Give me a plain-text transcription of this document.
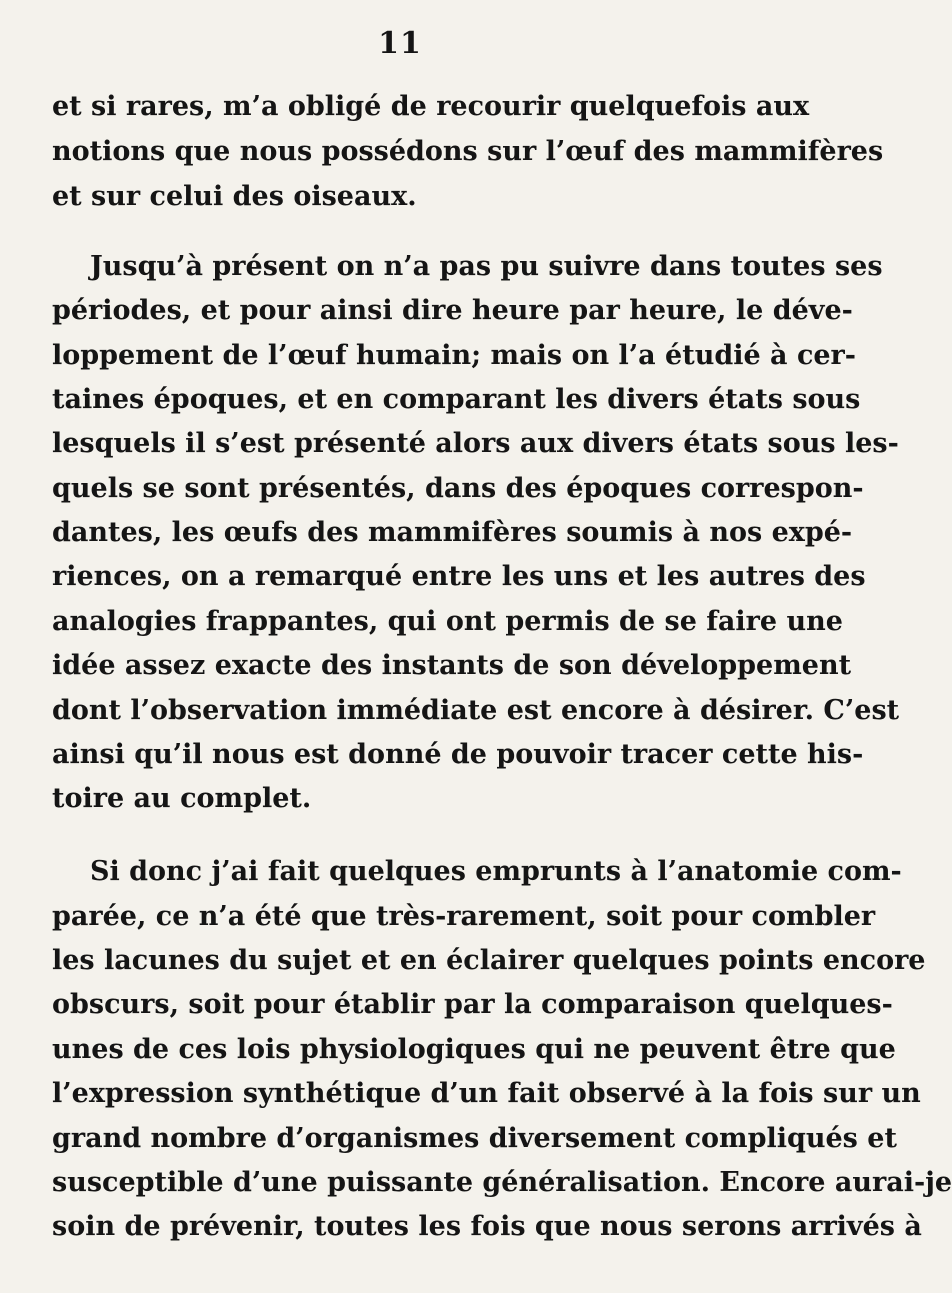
11
et si rares, m’a obligé de recourir quelquefois aux
notions que nous possédons sur l’œuf des mammifères
et sur celui des oiseaux.
Jusqu’à présent on n’a pas pu suivre dans toutes ses
périodes, et pour ainsi dire heure par heure, le déve-
loppement de l’œuf humain; mais on l’a étudié à cer-
taines époques, et en comparant les divers états sous
lesquels il s’est présenté alors aux divers états sous les-
quels se sont présentés, dans des époques correspon-
dantes, les œufs des mammifères soumis à nos expé-
riences, on a remarqué entre les uns et les autres des
analogies frappantes, qui ont permis de se faire une
idée assez exacte des instants de son développement
dont l’observation immédiate est encore à désirer. C’est
ainsi qu’il nous est donné de pouvoir tracer cette his-
toire au complet.
Si donc j’ai fait quelques emprunts à l’anatomie com-
parée, ce n’a été que très-rarement, soit pour combler
les lacunes du sujet et en éclairer quelques points encore
obscurs, soit pour établir par la comparaison quelques-
unes de ces lois physiologiques qui ne peuvent être que
l’expression synthétique d’un fait observé à la fois sur un
grand nombre d’organismes diversement compliqués et
susceptible d’une puissante généralisation. Encore aurai-je
soin de prévenir, toutes les fois que nous serons arrivés à
